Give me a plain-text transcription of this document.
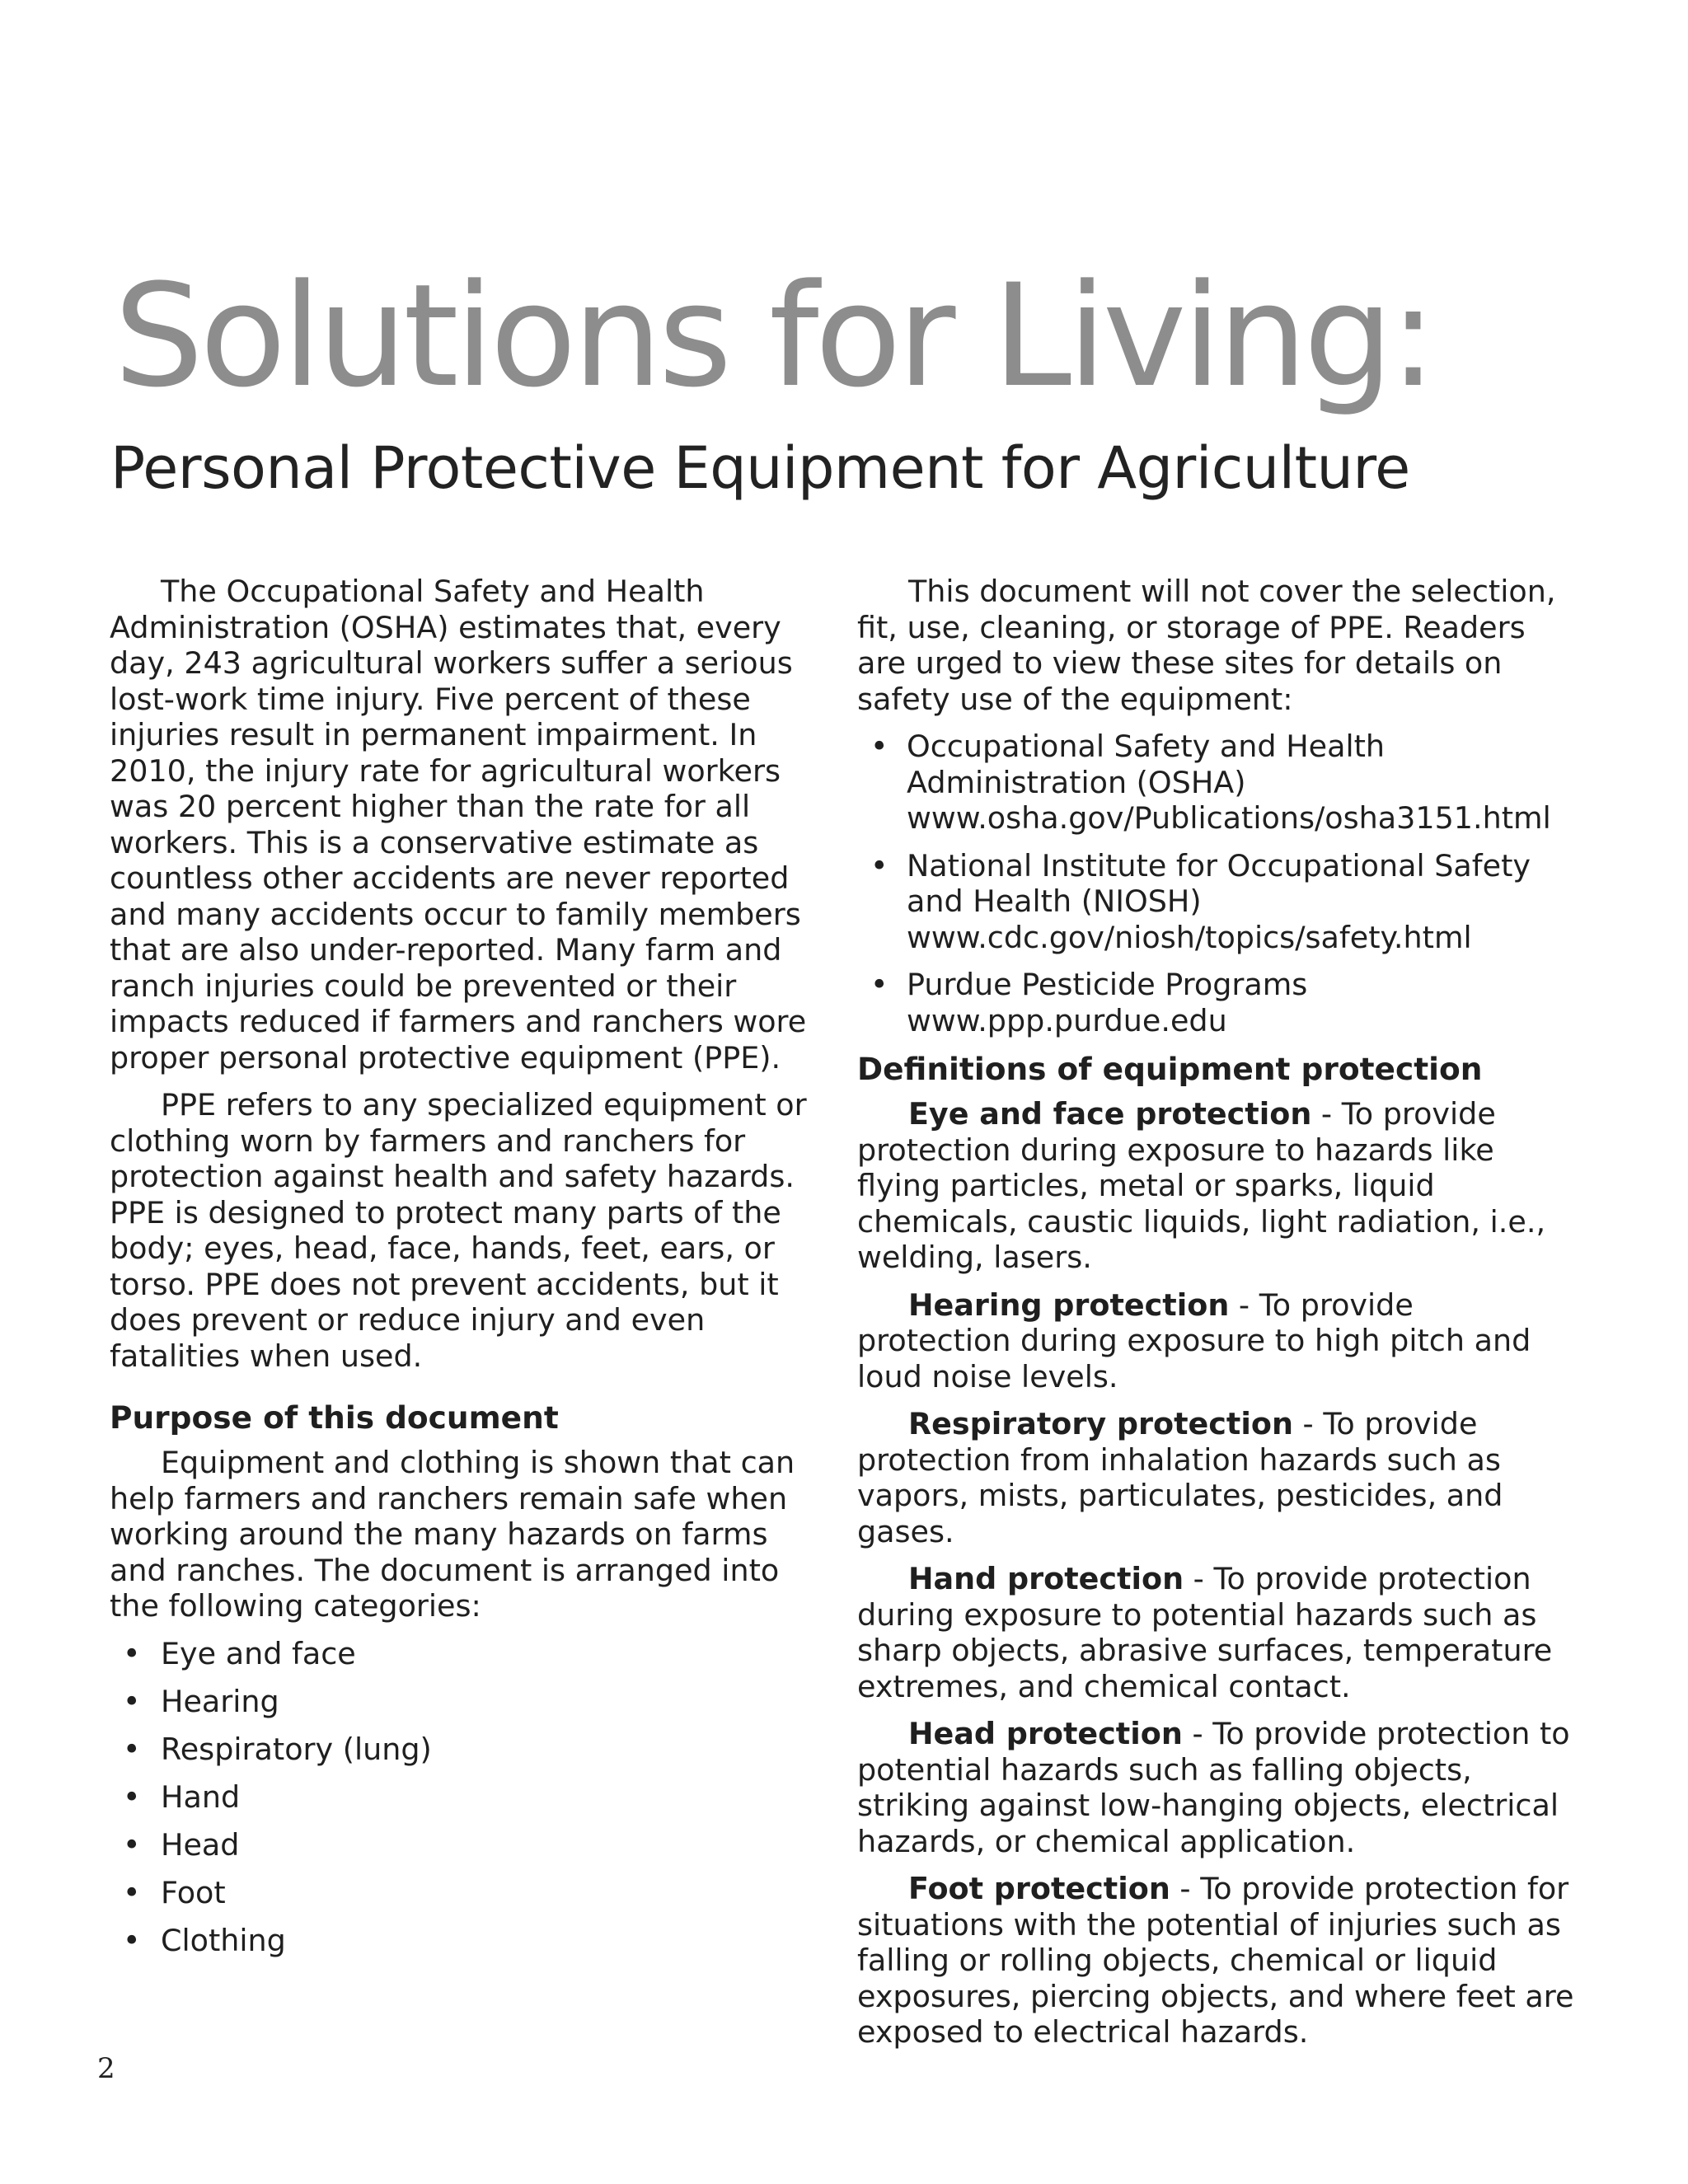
Solutions for Living:
Personal Protective Equipment for Agriculture

The Occupational Safety and Health Administration (OSHA) estimates that, every day, 243 agricultural workers suffer a serious lost-work time injury. Five percent of these injuries result in permanent impairment. In 2010, the injury rate for agricultural workers was 20 percent higher than the rate for all workers. This is a conservative estimate as countless other accidents are never reported and many accidents occur to family members that are also under-reported. Many farm and ranch injuries could be prevented or their impacts reduced if farmers and ranchers wore proper personal protective equipment (PPE).

PPE refers to any specialized equipment or clothing worn by farmers and ranchers for protection against health and safety hazards. PPE is designed to protect many parts of the body; eyes, head, face, hands, feet, ears, or torso. PPE does not prevent accidents, but it does prevent or reduce injury and even fatalities when used.

Purpose of this document

Equipment and clothing is shown that can help farmers and ranchers remain safe when working around the many hazards on farms and ranches. The document is arranged into the following categories:

• Eye and face
• Hearing
• Respiratory (lung)
• Hand
• Head
• Foot
• Clothing

This document will not cover the selection, fit, use, cleaning, or storage of PPE. Readers are urged to view these sites for details on safety use of the equipment:

• Occupational Safety and Health Administration (OSHA)
www.osha.gov/Publications/osha3151.html
• National Institute for Occupational Safety and Health (NIOSH)
www.cdc.gov/niosh/topics/safety.html
• Purdue Pesticide Programs
www.ppp.purdue.edu
Definitions of equipment protection

Eye and face protection - To provide protection during exposure to hazards like flying particles, metal or sparks, liquid chemicals, caustic liquids, light radiation, i.e., welding, lasers.

Hearing protection - To provide protection during exposure to high pitch and loud noise levels.

Respiratory protection - To provide protection from inhalation hazards such as vapors, mists, particulates, pesticides, and gases.

Hand protection - To provide protection during exposure to potential hazards such as sharp objects, abrasive surfaces, temperature extremes, and chemical contact.

Head protection - To provide protection to potential hazards such as falling objects, striking against low-hanging objects, electrical hazards, or chemical application.

Foot protection - To provide protection for situations with the potential of injuries such as falling or rolling objects, chemical or liquid exposures, piercing objects, and where feet are exposed to electrical hazards.

2
